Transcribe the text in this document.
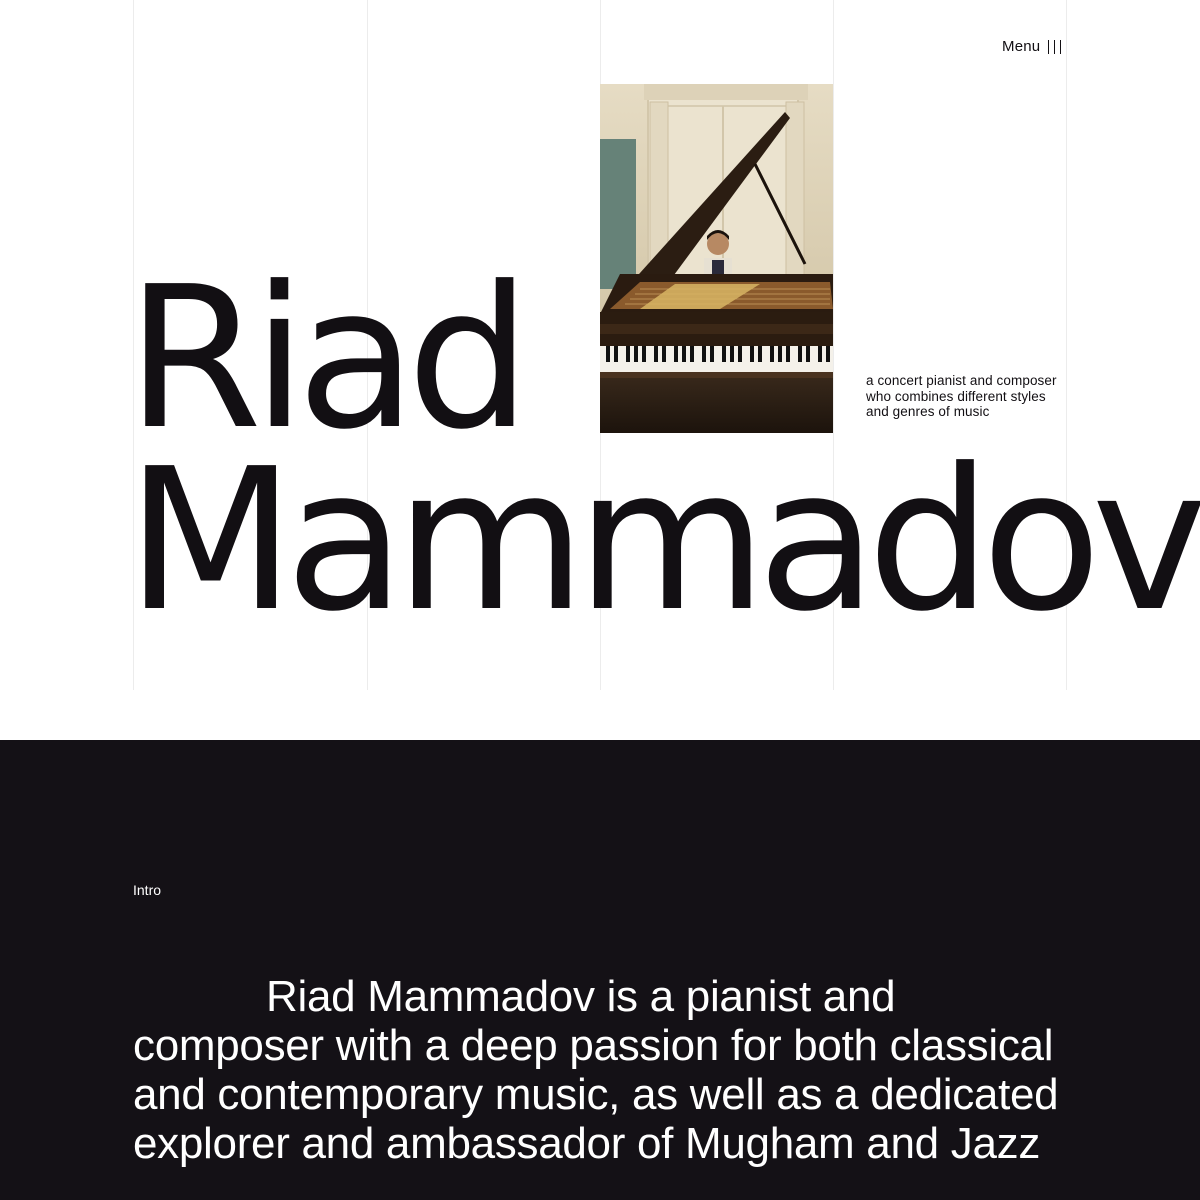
Menu
a concert pianist and composer who combines different styles and genres of music
Riad
Mammadov
Intro

Riad Mammadov is a pianist and composer with a deep passion for both classical and contemporary music, as well as a dedicated explorer and ambassador of Mugham and Jazz
